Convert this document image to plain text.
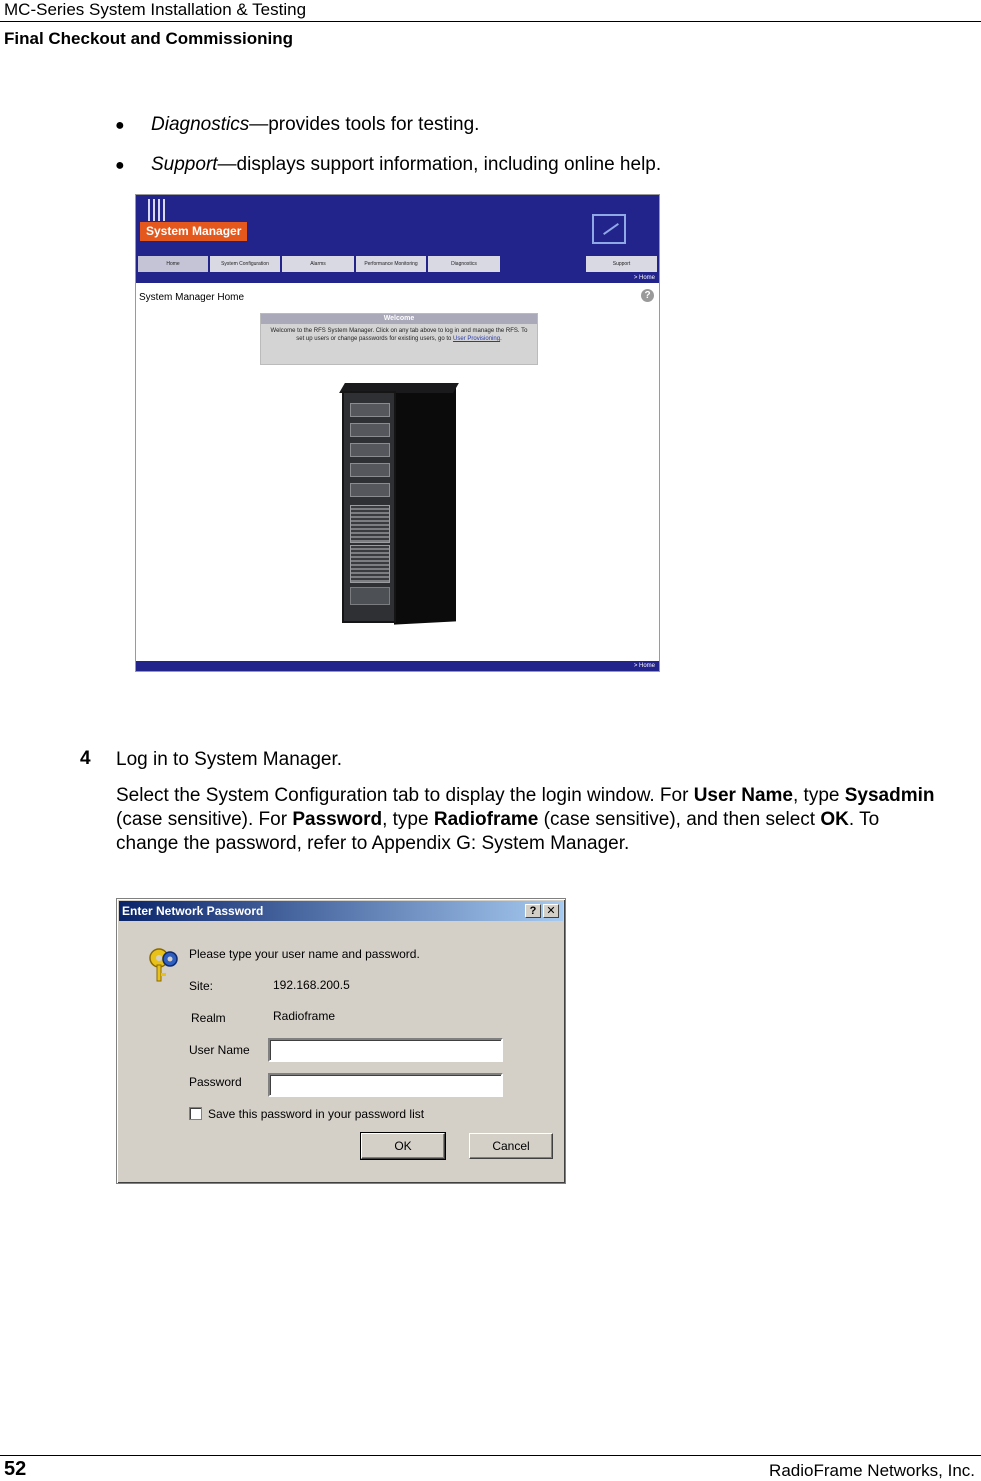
MC-Series System Installation & Testing
Final Checkout and Commissioning
● Diagnostics—provides tools for testing.
● Support—displays support information, including online help.
System Manager
Home	System Configuration	Alarms	Performance Monitoring	Diagnostics	Support
> Home
System Manager Home	?
Welcome
Welcome to the RFS System Manager. Click on any tab above to log in and manage the RFS. To set up users or change passwords for existing users, go to User Provisioning.
> Home
4 Log in to System Manager.
Select the System Configuration tab to display the login window. For User Name, type Sysadmin (case sensitive). For Password, type Radioframe (case sensitive), and then select OK. To change the password, refer to Appendix G: System Manager.
Enter Network Password	? ✕
Please type your user name and password.
Site:	192.168.200.5
Realm	Radioframe
User Name
Password
Save this password in your password list
OK	Cancel
52	RadioFrame Networks, Inc.
